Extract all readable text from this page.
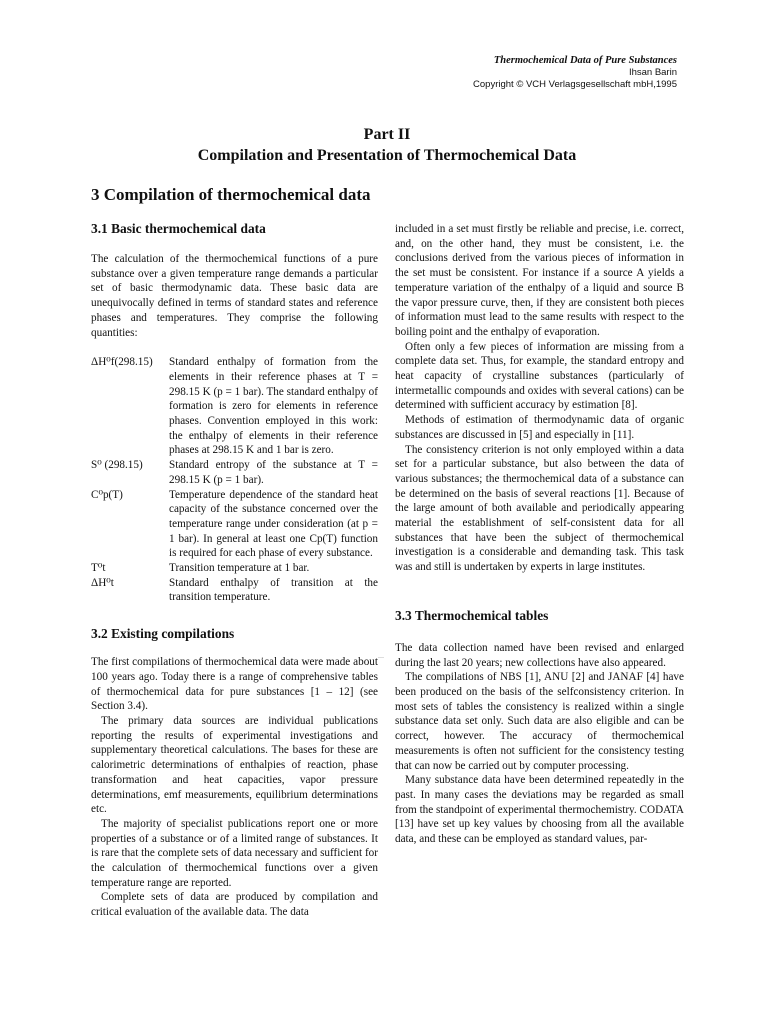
Thermochemical Data of Pure Substances
Ihsan Barin
Copyright © VCH Verlagsgesellschaft mbH,1995
Part II
Compilation and Presentation of Thermochemical Data
3 Compilation of thermochemical data
3.1 Basic thermochemical data

The calculation of the thermochemical functions of a pure substance over a given temperature range demands a particular set of basic thermodynamic data. These basic data are unequivocally defined in terms of standard states and reference phases and temperatures. They comprise the following quantities:

ΔH⁰f(298.15)	Standard enthalpy of formation from the elements in their reference phases at T = 298.15 K (p = 1 bar). The standard enthalpy of formation is zero for elements in reference phases. Convention employed in this work: the enthalpy of elements in their reference phases at 298.15 K and 1 bar is zero.
S⁰ (298.15)	Standard entropy of the substance at T = 298.15 K (p = 1 bar).
C⁰p(T)	Temperature dependence of the standard heat capacity of the substance concerned over the temperature range under consideration (at p = 1 bar). In general at least one Cp(T) function is required for each phase of every substance.
T⁰t	Transition temperature at 1 bar.
ΔH⁰t	Standard enthalpy of transition at the transition temperature.
3.2 Existing compilations

The first compilations of thermochemical data were made about 100 years ago. Today there is a range of comprehensive tables of thermochemical data for pure substances [1 – 12] (see Section 3.4).

The primary data sources are individual publications reporting the results of experimental investigations and supplementary theoretical calculations. The bases for these are calorimetric determinations of enthalpies of reaction, phase transformation and heat capacities, vapor pressure determinations, emf measurements, equilibrium determinations etc.

The majority of specialist publications report one or more properties of a substance or of a limited range of substances. It is rare that the complete sets of data necessary and sufficient for the calculation of thermochemical functions over a given temperature range are reported.

Complete sets of data are produced by compilation and critical evaluation of the available data. The data

included in a set must firstly be reliable and precise, i.e. correct, and, on the other hand, they must be consistent, i.e. the conclusions derived from the various pieces of information in the set must be consistent. For instance if a source A yields a temperature variation of the enthalpy of a liquid and source B the vapor pressure curve, then, if they are consistent both pieces of information must lead to the same results with respect to the boiling point and the enthalpy of evaporation.

Often only a few pieces of information are missing from a complete data set. Thus, for example, the standard entropy and heat capacity of crystalline substances (particularly of intermetallic compounds and oxides with several cations) can be determined with sufficient accuracy by estimation [8].

Methods of estimation of thermodynamic data of organic substances are discussed in [5] and especially in [11].

The consistency criterion is not only employed within a data set for a particular substance, but also between the data of various substances; the thermochemical data of a substance can be determined on the basis of several reactions [1]. Because of the large amount of both available and periodically appearing material the establishment of self-consistent data for all substances that have been the subject of thermochemical investigation is a considerable and demanding task. This task was and still is undertaken by experts in large institutes.

3.3 Thermochemical tables

The data collection named have been revised and enlarged during the last 20 years; new collections have also appeared.

The compilations of NBS [1], ANU [2] and JANAF [4] have been produced on the basis of the selfconsistency criterion. In most sets of tables the consistency is realized within a single substance data set only. Such data are also eligible and can be correct, however. The accuracy of thermochemical measurements is often not sufficient for the consistency testing that can now be carried out by computer processing.

Many substance data have been determined repeatedly in the past. In many cases the deviations may be regarded as small from the standpoint of experimental thermochemistry. CODATA [13] have set up key values by choosing from all the available data, and these can be employed as standard values, par-
